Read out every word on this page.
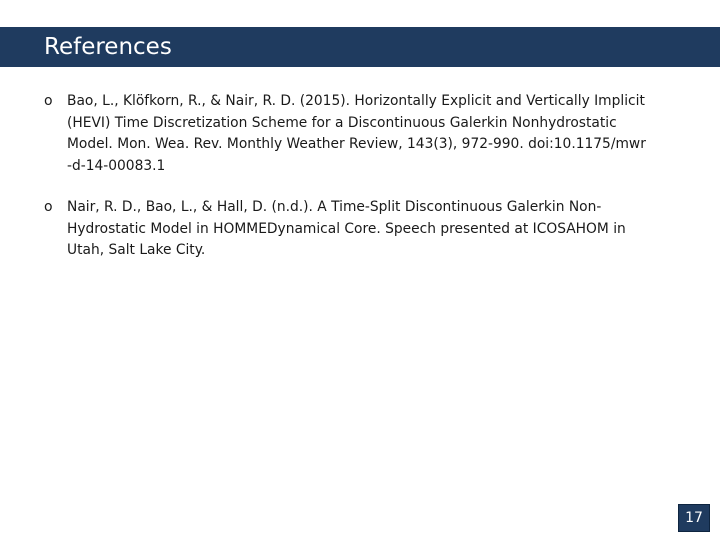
References
o Bao, L., Klöfkorn, R., & Nair, R. D. (2015). Horizontally Explicit and Vertically Implicit
(HEVI) Time Discretization Scheme for a Discontinuous Galerkin Nonhydrostatic
Model. Mon. Wea. Rev. Monthly Weather Review, 143(3), 972-990. doi:10.1175/mwr
-d-14-00083.1

o Nair, R. D., Bao, L., & Hall, D. (n.d.). A Time-Split Discontinuous Galerkin Non-
Hydrostatic Model in HOMMEDynamical Core. Speech presented at ICOSAHOM in
Utah, Salt Lake City.

17
